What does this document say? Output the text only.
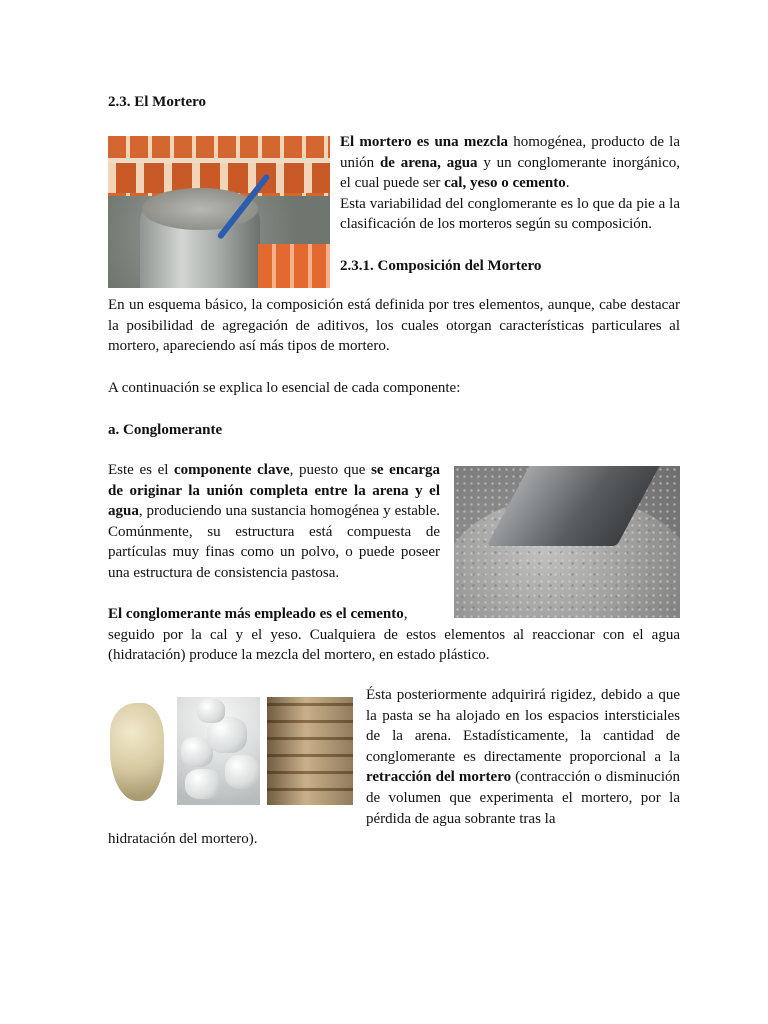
2.3. El Mortero
El mortero es una mezcla homogénea, producto de la unión de arena, agua y un conglomerante inorgánico, el cual puede ser cal, yeso o cemento.
Esta variabilidad del conglomerante es lo que da pie a la clasificación de los morteros según su composición.
2.3.1. Composición del Mortero
En un esquema básico, la composición está definida por tres elementos, aunque, cabe destacar la posibilidad de agregación de aditivos, los cuales otorgan características particulares al mortero, apareciendo así más tipos de mortero.
A continuación se explica lo esencial de cada componente:
a. Conglomerante
Este es el componente clave, puesto que se encarga de originar la unión completa entre la arena y el agua, produciendo una sustancia homogénea y estable. Comúnmente, su estructura está compuesta de partículas muy finas como un polvo, o puede poseer una estructura de consistencia pastosa.
El conglomerante más empleado es el cemento,
seguido por la cal y el yeso. Cualquiera de estos elementos al reaccionar con el agua (hidratación) produce la mezcla del mortero, en estado plástico.
Ésta posteriormente adquirirá rigidez, debido a que la pasta se ha alojado en los espacios intersticiales de la arena. Estadísticamente, la cantidad de conglomerante es directamente proporcional a la retracción del mortero (contracción o disminución de volumen que experimenta el mortero, por la pérdida de agua sobrante tras la
hidratación del mortero).
